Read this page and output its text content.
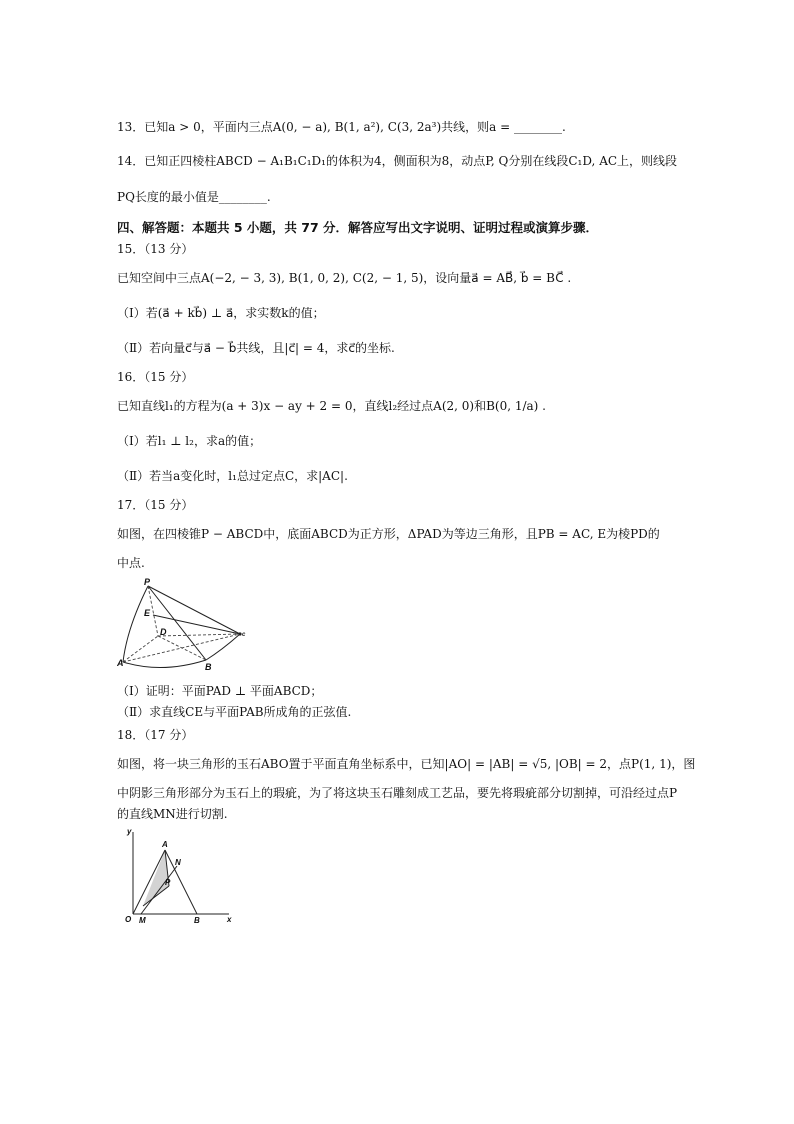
13．已知a > 0，平面内三点A(0, − a), B(1, a²), C(3, 2a³)共线，则a = ________.
14．已知正四棱柱ABCD − A₁B₁C₁D₁的体积为4，侧面积为8，动点P, Q分别在线段C₁D, AC上，则线段
PQ长度的最小值是________.
四、解答题：本题共 5 小题，共 77 分．解答应写出文字说明、证明过程或演算步骤．
15．（13 分）
已知空间中三点A(−2, − 3, 3), B(1, 0, 2), C(2, − 1, 5)，设向量a⃗ = AB⃗, b⃗ = BC⃗ .
（Ⅰ）若(a⃗ + kb⃗) ⊥ a⃗，求实数k的值；
（Ⅱ）若向量c⃗与a⃗ − b⃗共线，且|c⃗| = 4，求c⃗的坐标.
16．（15 分）
已知直线l₁的方程为(a + 3)x − ay + 2 = 0，直线l₂经过点A(2, 0)和B(0, 1/a) .
（Ⅰ）若l₁ ⊥ l₂，求a的值；
（Ⅱ）若当a变化时，l₁总过定点C，求|AC|.
17．（15 分）
如图，在四棱锥P − ABCD中，底面ABCD为正方形，ΔPAD为等边三角形，且PB = AC, E为棱PD的
中点.
P
E
D
A	B
c
（Ⅰ）证明：平面PAD ⊥ 平面ABCD；
（Ⅱ）求直线CE与平面PAB所成角的正弦值.
18．（17 分）
如图，将一块三角形的玉石ABO置于平面直角坐标系中，已知|AO| = |AB| = √5, |OB| = 2，点P(1, 1)，图
中阴影三角形部分为玉石上的瑕疵，为了将这块玉石雕刻成工艺品，要先将瑕疵部分切割掉，可沿经过点P
的直线MN进行切割.
y
A
N
P
O M	B	x
